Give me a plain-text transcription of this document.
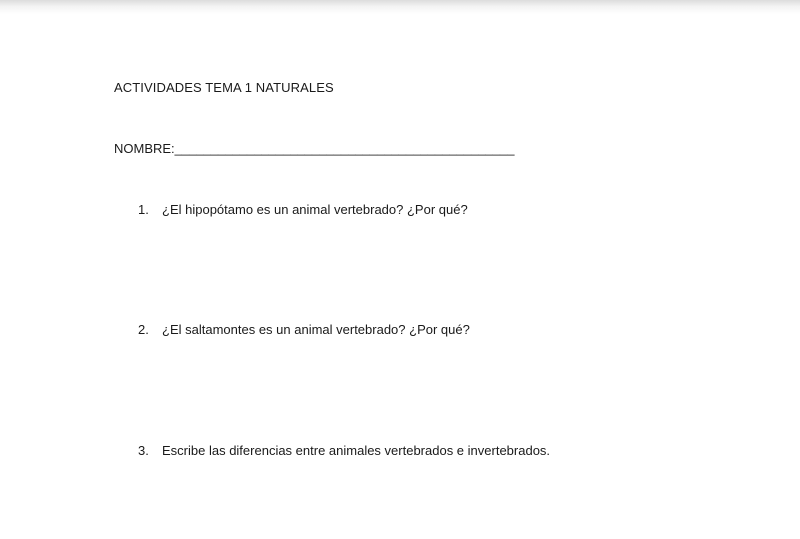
ACTIVIDADES TEMA 1 NATURALES
NOMBRE:_______________________________________________
1. ¿El hipopótamo es un animal vertebrado? ¿Por qué?
2. ¿El saltamontes es un animal vertebrado? ¿Por qué?
3. Escribe las diferencias entre animales vertebrados e invertebrados.
